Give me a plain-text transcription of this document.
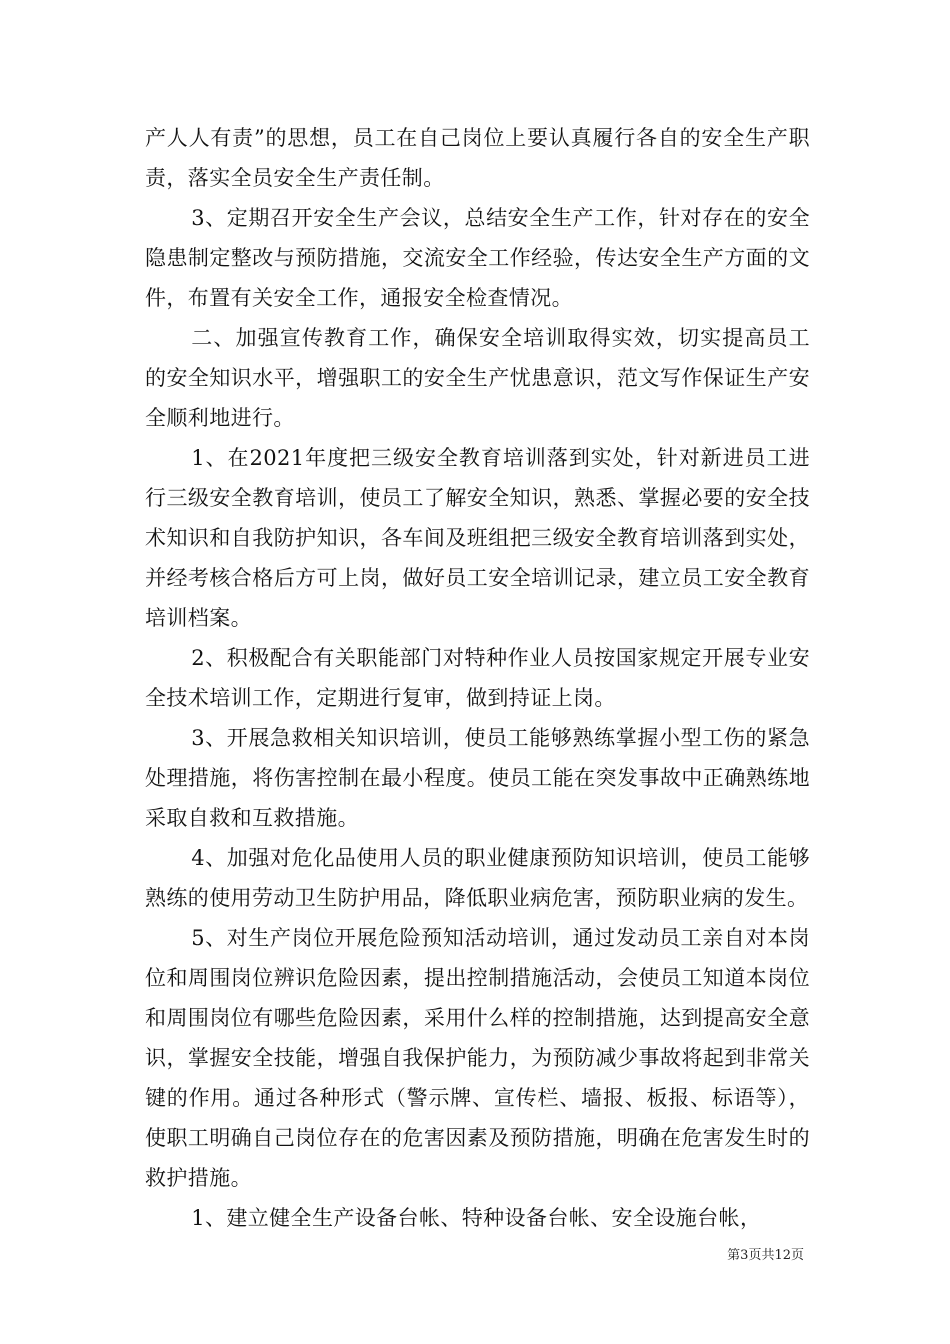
产人人有责”的思想，员工在自己岗位上要认真履行各自的安全生产职责，落实全员安全生产责任制。

3、定期召开安全生产会议，总结安全生产工作，针对存在的安全隐患制定整改与预防措施，交流安全工作经验，传达安全生产方面的文件，布置有关安全工作，通报安全检查情况。

二、加强宣传教育工作，确保安全培训取得实效，切实提高员工的安全知识水平，增强职工的安全生产忧患意识，范文写作保证生产安全顺利地进行。

1、在2021年度把三级安全教育培训落到实处，针对新进员工进行三级安全教育培训，使员工了解安全知识，熟悉、掌握必要的安全技术知识和自我防护知识，各车间及班组把三级安全教育培训落到实处，并经考核合格后方可上岗，做好员工安全培训记录，建立员工安全教育培训档案。

2、积极配合有关职能部门对特种作业人员按国家规定开展专业安全技术培训工作，定期进行复审，做到持证上岗。

3、开展急救相关知识培训，使员工能够熟练掌握小型工伤的紧急处理措施，将伤害控制在最小程度。使员工能在突发事故中正确熟练地采取自救和互救措施。

4、加强对危化品使用人员的职业健康预防知识培训，使员工能够熟练的使用劳动卫生防护用品，降低职业病危害，预防职业病的发生。

5、对生产岗位开展危险预知活动培训，通过发动员工亲自对本岗位和周围岗位辨识危险因素，提出控制措施活动，会使员工知道本岗位和周围岗位有哪些危险因素，采用什么样的控制措施，达到提高安全意识，掌握安全技能，增强自我保护能力，为预防减少事故将起到非常关键的作用。通过各种形式（警示牌、宣传栏、墙报、板报、标语等），使职工明确自己岗位存在的危害因素及预防措施，明确在危害发生时的救护措施。

1、建立健全生产设备台帐、特种设备台帐、安全设施台帐，

第3页共12页
